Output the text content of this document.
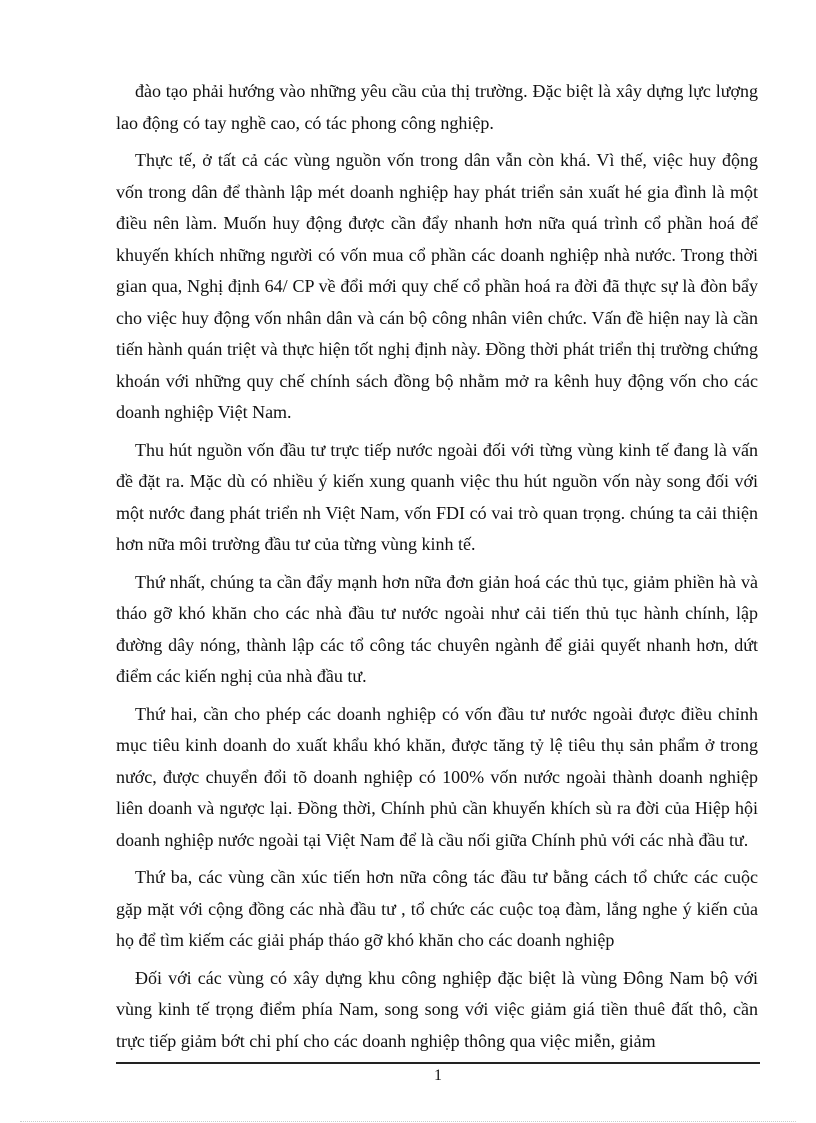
đào tạo phải hướng vào những yêu cầu của thị trường. Đặc biệt là xây dựng lực lượng lao động có tay nghề cao, có tác phong công nghiệp.

Thực tế, ở tất cả các vùng nguồn vốn trong dân vẫn còn khá. Vì thế, việc huy động vốn trong dân để thành lập mét doanh nghiệp hay phát triển sản xuất hé gia đình là một điều nên làm. Muốn huy động được cần đẩy nhanh hơn nữa quá trình cổ phần hoá để khuyến khích những người có vốn mua cổ phần các doanh nghiệp nhà nước. Trong thời gian qua, Nghị định 64/ CP về đổi mới quy chế cổ phần hoá ra đời đã thực sự là đòn bẩy cho việc huy động vốn nhân dân và cán bộ công nhân viên chức. Vấn đề hiện nay là cần tiến hành quán triệt và thực hiện tốt nghị định này. Đồng thời phát triển thị trường chứng khoán với những quy chế chính sách đồng bộ nhằm mở ra kênh huy động vốn cho các doanh nghiệp Việt Nam.

Thu hút nguồn vốn đầu tư trực tiếp nước ngoài đối với từng vùng kinh tế đang là vấn đề đặt ra. Mặc dù có nhiều ý kiến xung quanh việc thu hút nguồn vốn này song đối với một nước đang phát triển nh Việt Nam, vốn FDI có vai trò quan trọng. chúng ta cải thiện hơn nữa môi trường đầu tư của từng vùng kinh tế.

Thứ nhất, chúng ta cần đẩy mạnh hơn nữa đơn giản hoá các thủ tục, giảm phiền hà và tháo gỡ khó khăn cho các nhà đầu tư nước ngoài như cải tiến thủ tục hành chính, lập đường dây nóng, thành lập các tổ công tác chuyên ngành để giải quyết nhanh hơn, dứt điểm các kiến nghị của nhà đầu tư.

Thứ hai, cần cho phép các doanh nghiệp có vốn đầu tư nước ngoài được điều chỉnh mục tiêu kinh doanh do xuất khẩu khó khăn, được tăng tỷ lệ tiêu thụ sản phẩm ở trong nước, được chuyển đổi tõ doanh nghiệp có 100% vốn nước ngoài thành doanh nghiệp liên doanh và ngược lại. Đồng thời, Chính phủ cần khuyến khích sù ra đời của Hiệp hội doanh nghiệp nước ngoài tại Việt Nam để là cầu nối giữa Chính phủ với các nhà đầu tư.

Thứ ba, các vùng cần xúc tiến hơn nữa công tác đầu tư bằng cách tổ chức các cuộc gặp mặt với cộng đồng các nhà đầu tư , tổ chức các cuộc toạ đàm, lắng nghe ý kiến của họ để tìm kiếm các giải pháp tháo gỡ khó khăn cho các doanh nghiệp

Đối với các vùng có xây dựng khu công nghiệp đặc biệt là vùng Đông Nam bộ với vùng kinh tế trọng điểm phía Nam, song song với việc giảm giá tiền thuê đất thô, cần trực tiếp giảm bớt chi phí cho các doanh nghiệp thông qua việc miễn, giảm

1
